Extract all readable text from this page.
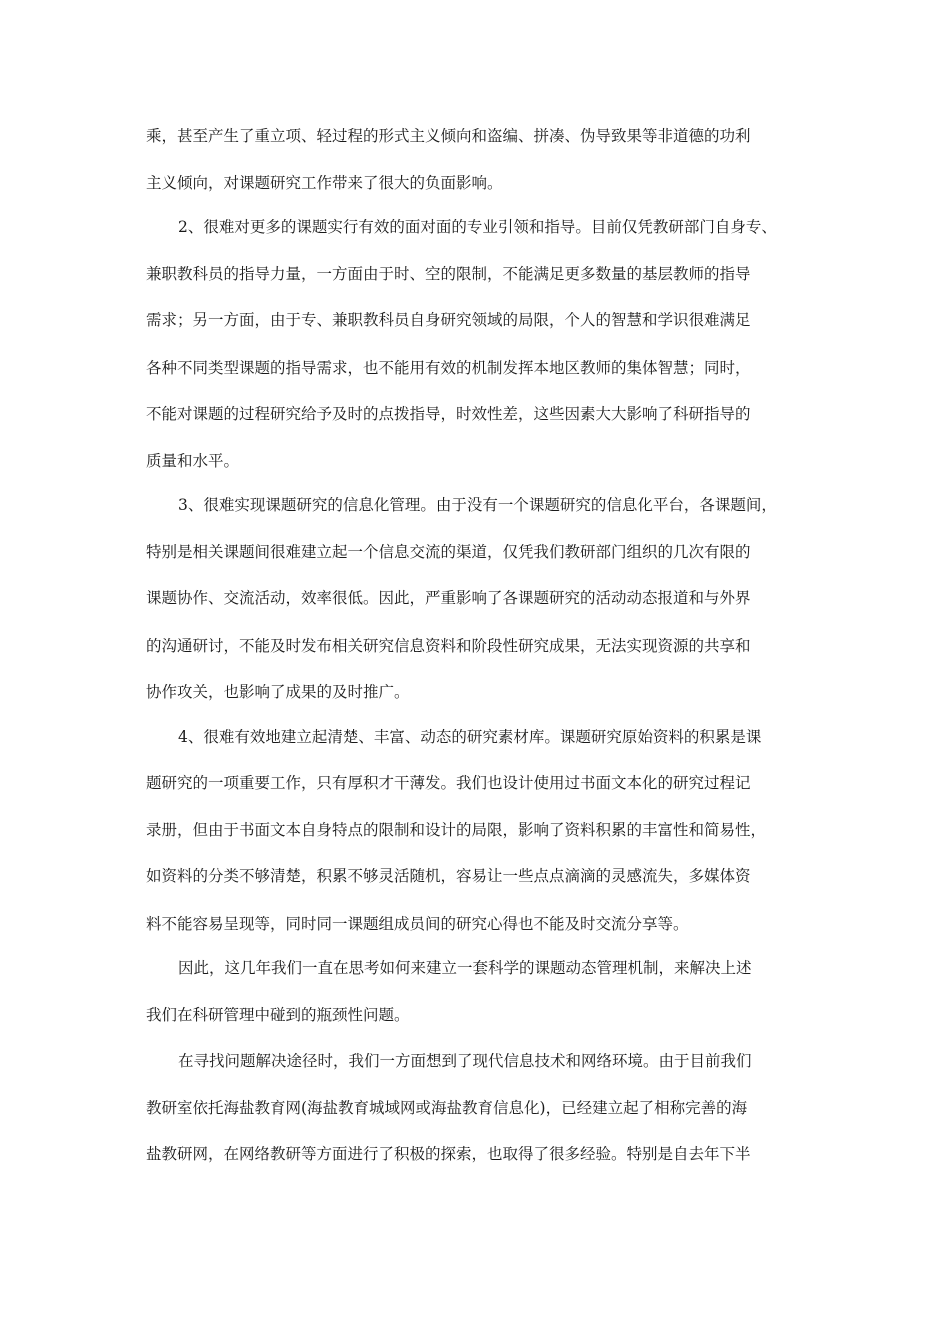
乘，甚至产生了重立项、轻过程的形式主义倾向和盗编、拼凑、伪导致果等非道德的功利
主义倾向，对课题研究工作带来了很大的负面影响。
2、很难对更多的课题实行有效的面对面的专业引领和指导。目前仅凭教研部门自身专、
兼职教科员的指导力量，一方面由于时、空的限制，不能满足更多数量的基层教师的指导
需求；另一方面，由于专、兼职教科员自身研究领域的局限，个人的智慧和学识很难满足
各种不同类型课题的指导需求，也不能用有效的机制发挥本地区教师的集体智慧；同时，
不能对课题的过程研究给予及时的点拨指导，时效性差，这些因素大大影响了科研指导的
质量和水平。
3、很难实现课题研究的信息化管理。由于没有一个课题研究的信息化平台，各课题间，
特别是相关课题间很难建立起一个信息交流的渠道，仅凭我们教研部门组织的几次有限的
课题协作、交流活动，效率很低。因此，严重影响了各课题研究的活动动态报道和与外界
的沟通研讨，不能及时发布相关研究信息资料和阶段性研究成果，无法实现资源的共享和
协作攻关，也影响了成果的及时推广。
4、很难有效地建立起清楚、丰富、动态的研究素材库。课题研究原始资料的积累是课
题研究的一项重要工作，只有厚积才干薄发。我们也设计使用过书面文本化的研究过程记
录册，但由于书面文本自身特点的限制和设计的局限，影响了资料积累的丰富性和简易性，
如资料的分类不够清楚，积累不够灵活随机，容易让一些点点滴滴的灵感流失，多媒体资
料不能容易呈现等，同时同一课题组成员间的研究心得也不能及时交流分享等。
因此，这几年我们一直在思考如何来建立一套科学的课题动态管理机制，来解决上述
我们在科研管理中碰到的瓶颈性问题。
在寻找问题解决途径时，我们一方面想到了现代信息技术和网络环境。由于目前我们
教研室依托海盐教育网(海盐教育城域网或海盐教育信息化)，已经建立起了相称完善的海
盐教研网，在网络教研等方面进行了积极的探索，也取得了很多经验。特别是自去年下半
